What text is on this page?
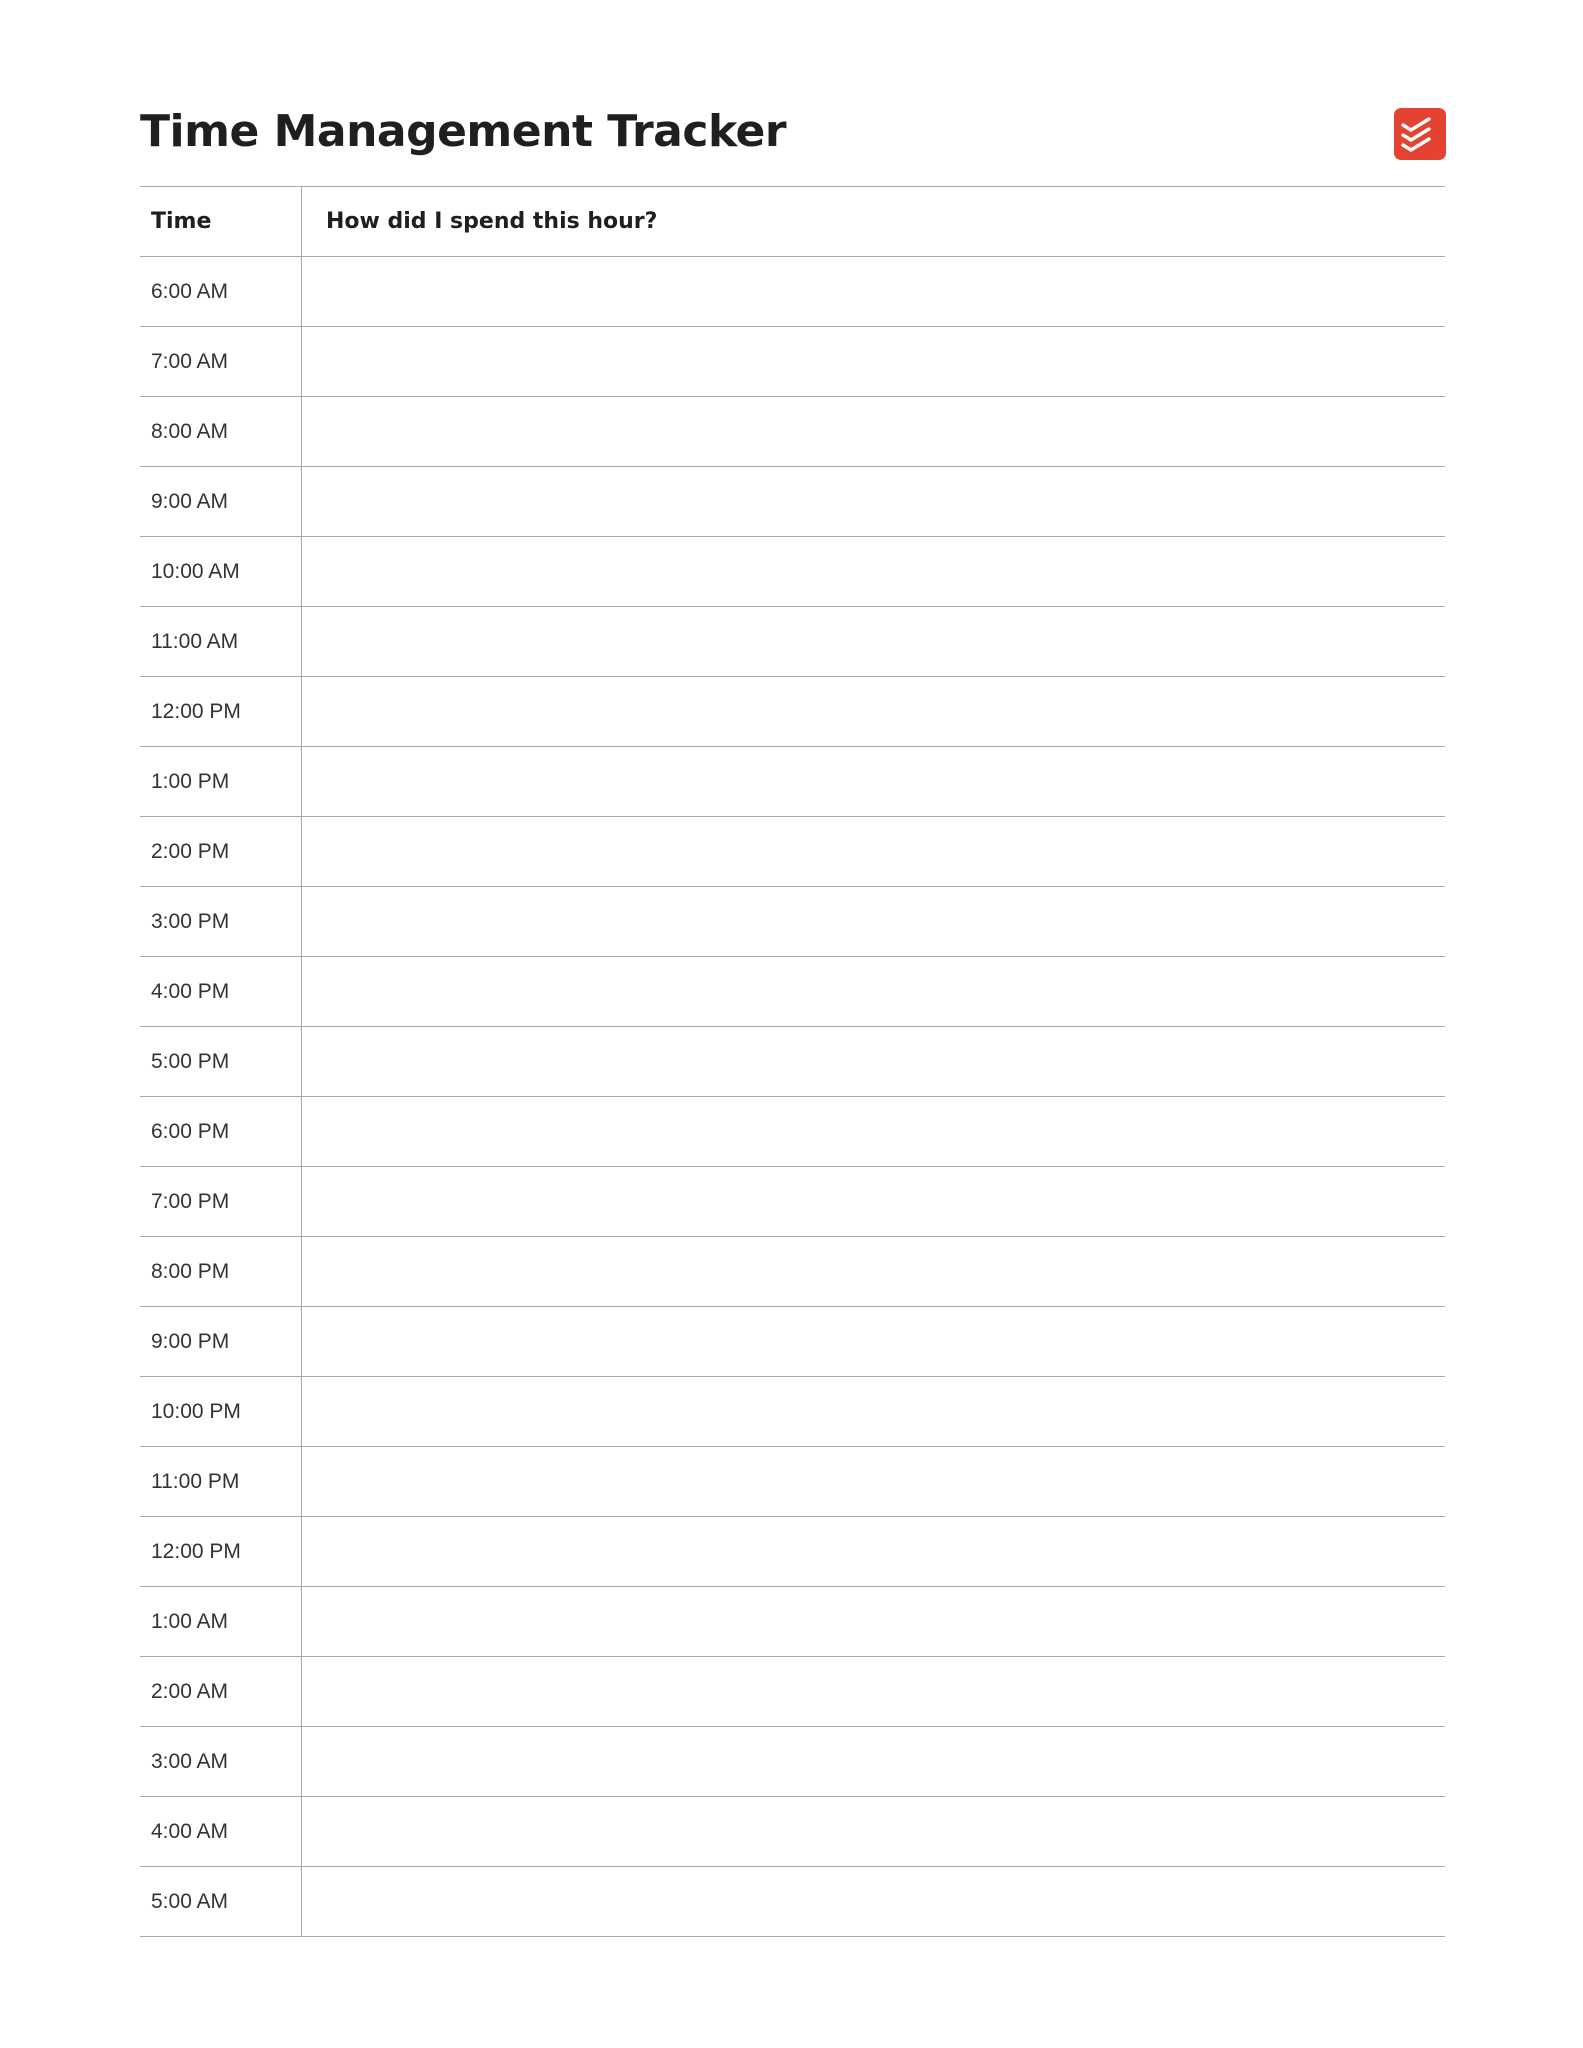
Time Management Tracker
Time	How did I spend this hour?
6:00 AM	
7:00 AM	
8:00 AM	
9:00 AM	
10:00 AM	
11:00 AM	
12:00 PM	
1:00 PM	
2:00 PM	
3:00 PM	
4:00 PM	
5:00 PM	
6:00 PM	
7:00 PM	
8:00 PM	
9:00 PM	
10:00 PM	
11:00 PM	
12:00 PM	
1:00 AM	
2:00 AM	
3:00 AM	
4:00 AM	
5:00 AM	
